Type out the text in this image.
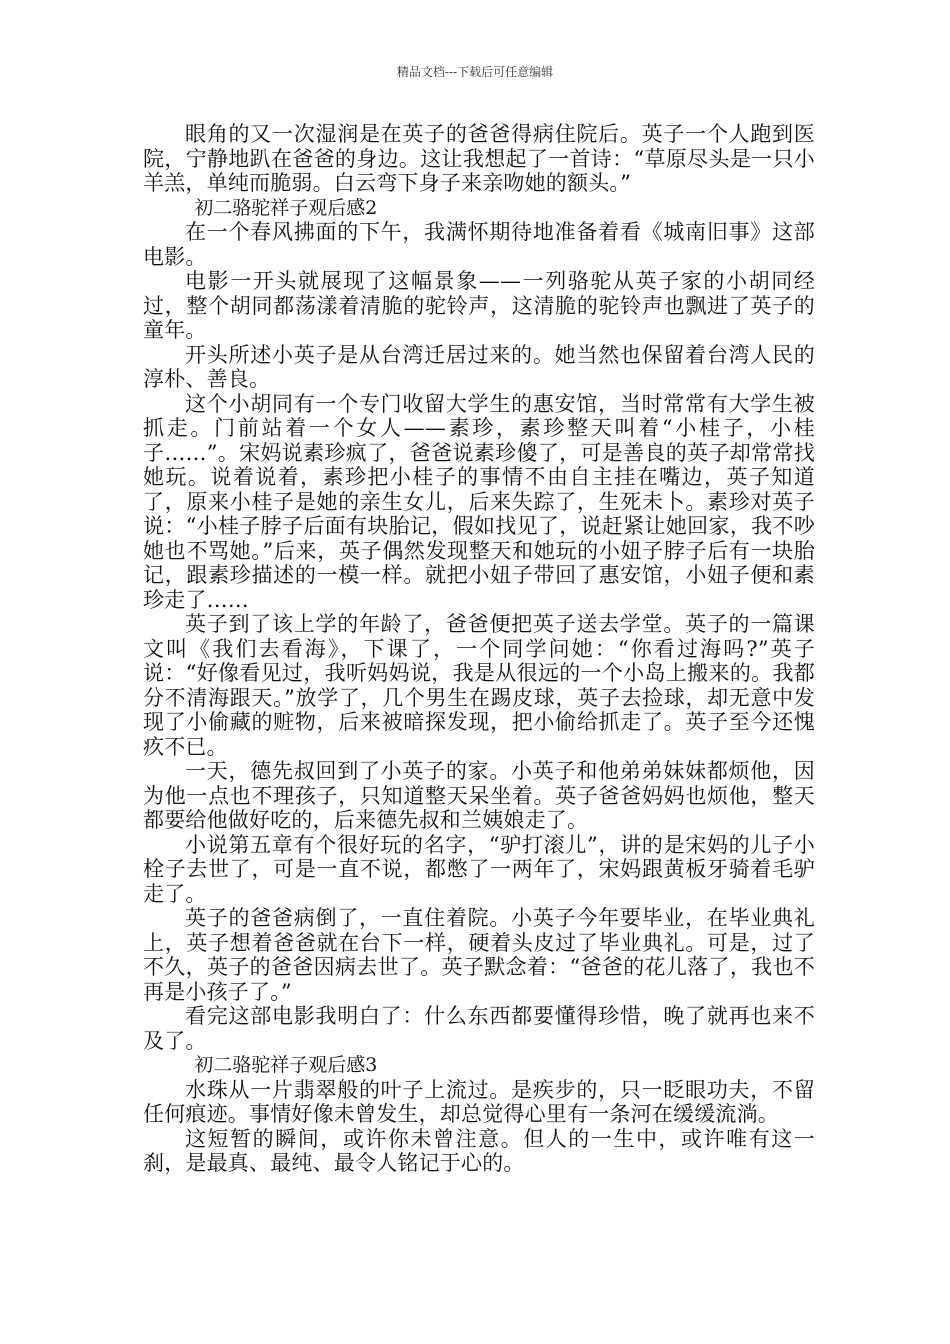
精品文档---下载后可任意编辑

眼角的又一次湿润是在英子的爸爸得病住院后。英子一个人跑到医院，宁静地趴在爸爸的身边。这让我想起了一首诗：“草原尽头是一只小羊羔，单纯而脆弱。白云弯下身子来亲吻她的额头。”

初二骆驼祥子观后感2

在一个春风拂面的下午，我满怀期待地准备着看《城南旧事》这部电影。

电影一开头就展现了这幅景象——一列骆驼从英子家的小胡同经过，整个胡同都荡漾着清脆的驼铃声，这清脆的驼铃声也飘进了英子的童年。

开头所述小英子是从台湾迁居过来的。她当然也保留着台湾人民的淳朴、善良。

这个小胡同有一个专门收留大学生的惠安馆，当时常常有大学生被抓走。门前站着一个女人——素珍，素珍整天叫着“小桂子，小桂子……”。宋妈说素珍疯了，爸爸说素珍傻了，可是善良的英子却常常找她玩。说着说着，素珍把小桂子的事情不由自主挂在嘴边，英子知道了，原来小桂子是她的亲生女儿，后来失踪了，生死未卜。素珍对英子说：“小桂子脖子后面有块胎记，假如找见了，说赶紧让她回家，我不吵她也不骂她。”后来，英子偶然发现整天和她玩的小妞子脖子后有一块胎记，跟素珍描述的一模一样。就把小妞子带回了惠安馆，小妞子便和素珍走了……

英子到了该上学的年龄了，爸爸便把英子送去学堂。英子的一篇课文叫《我们去看海》，下课了，一个同学问她：“你看过海吗?”英子说：“好像看见过，我听妈妈说，我是从很远的一个小岛上搬来的。我都分不清海跟天。”放学了，几个男生在踢皮球，英子去捡球，却无意中发现了小偷藏的赃物，后来被暗探发现，把小偷给抓走了。英子至今还愧疚不已。

一天，德先叔回到了小英子的家。小英子和他弟弟妹妹都烦他，因为他一点也不理孩子，只知道整天呆坐着。英子爸爸妈妈也烦他，整天都要给他做好吃的，后来德先叔和兰姨娘走了。

小说第五章有个很好玩的名字，“驴打滚儿”，讲的是宋妈的儿子小栓子去世了，可是一直不说，都憋了一两年了，宋妈跟黄板牙骑着毛驴走了。

英子的爸爸病倒了，一直住着院。小英子今年要毕业，在毕业典礼上，英子想着爸爸就在台下一样，硬着头皮过了毕业典礼。可是，过了不久，英子的爸爸因病去世了。英子默念着：“爸爸的花儿落了，我也不再是小孩子了。”

看完这部电影我明白了：什么东西都要懂得珍惜，晚了就再也来不及了。

初二骆驼祥子观后感3

水珠从一片翡翠般的叶子上流过。是疾步的，只一眨眼功夫，不留任何痕迹。事情好像未曾发生，却总觉得心里有一条河在缓缓流淌。

这短暂的瞬间，或许你未曾注意。但人的一生中，或许唯有这一刹，是最真、最纯、最令人铭记于心的。
